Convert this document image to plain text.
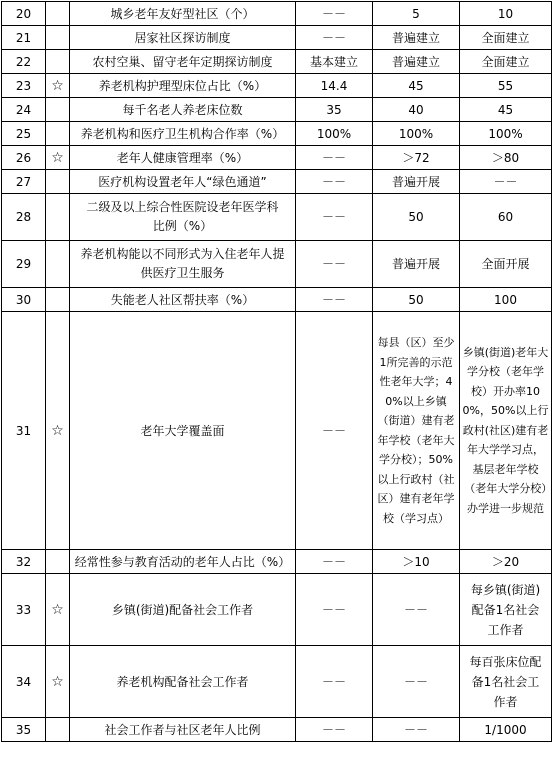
20		城乡老年友好型社区（个）	－－	5	10
21		居家社区探访制度	－－	普遍建立	全面建立
22		农村空巢、留守老年定期探访制度	基本建立	普遍建立	全面建立
23	☆	养老机构护理型床位占比（%）	14.4	45	55
24		每千名老人养老床位数	35	40	45
25		养老机构和医疗卫生机构合作率（%）	100%	100%	100%
26	☆	老年人健康管理率（%）	－－	＞72	＞80
27		医疗机构设置老年人“绿色通道”	－－	普遍开展	－－
28		二级及以上综合性医院设老年医学科比例（%）	－－	50	60
29		养老机构能以不同形式为入住老年人提供医疗卫生服务	－－	普遍开展	全面开展
30		失能老人社区帮扶率（%）	－－	50	100
31	☆	老年大学覆盖面	－－	每县（区）至少1所完善的示范性老年大学；40%以上乡镇（街道）建有老年学校（老年大学分校）；50%以上行政村（社区）建有老年学校（学习点）	乡镇(街道)老年大学分校（老年学校）开办率100%，50%以上行政村(社区)建有老年大学学习点，基层老年学校（老年大学分校）办学进一步规范
32		经常性参与教育活动的老年人占比（%）	－－	＞10	＞20
33	☆	乡镇(街道)配备社会工作者	－－	－－	每乡镇(街道)配备1名社会工作者
34	☆	养老机构配备社会工作者	－－	－－	每百张床位配备1名社会工作者
35		社会工作者与社区老年人比例	－－	－－	1/1000
